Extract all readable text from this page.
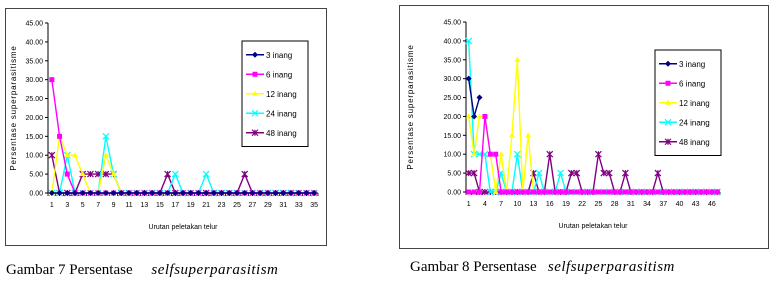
0.00
5.00
10.00
15.00
20.00
25.00
30.00
35.00
40.00
45.00
1 3 5 7 9 11 13 15 17 19 21 23 25 27 29 31 33 35
Urutan peletakan telur
Persentase superparasitisme	3 inang
6 inang
12 inang
24 inang
48 inang
Gambar 7 Persentase selfsuperparasitism
0.00
5.00
10.00
15.00
20.00
25.00
30.00
35.00
40.00
45.00
1 4 7 10 13 16 19 22 25 28 31 34 37 40 43 46
Urutan peletakan telur
Persentase superparasitisme	3 inang
6 inang
12 inang
24 inang
48 inang
Gambar 8 Persentase selfsuperparasitism
